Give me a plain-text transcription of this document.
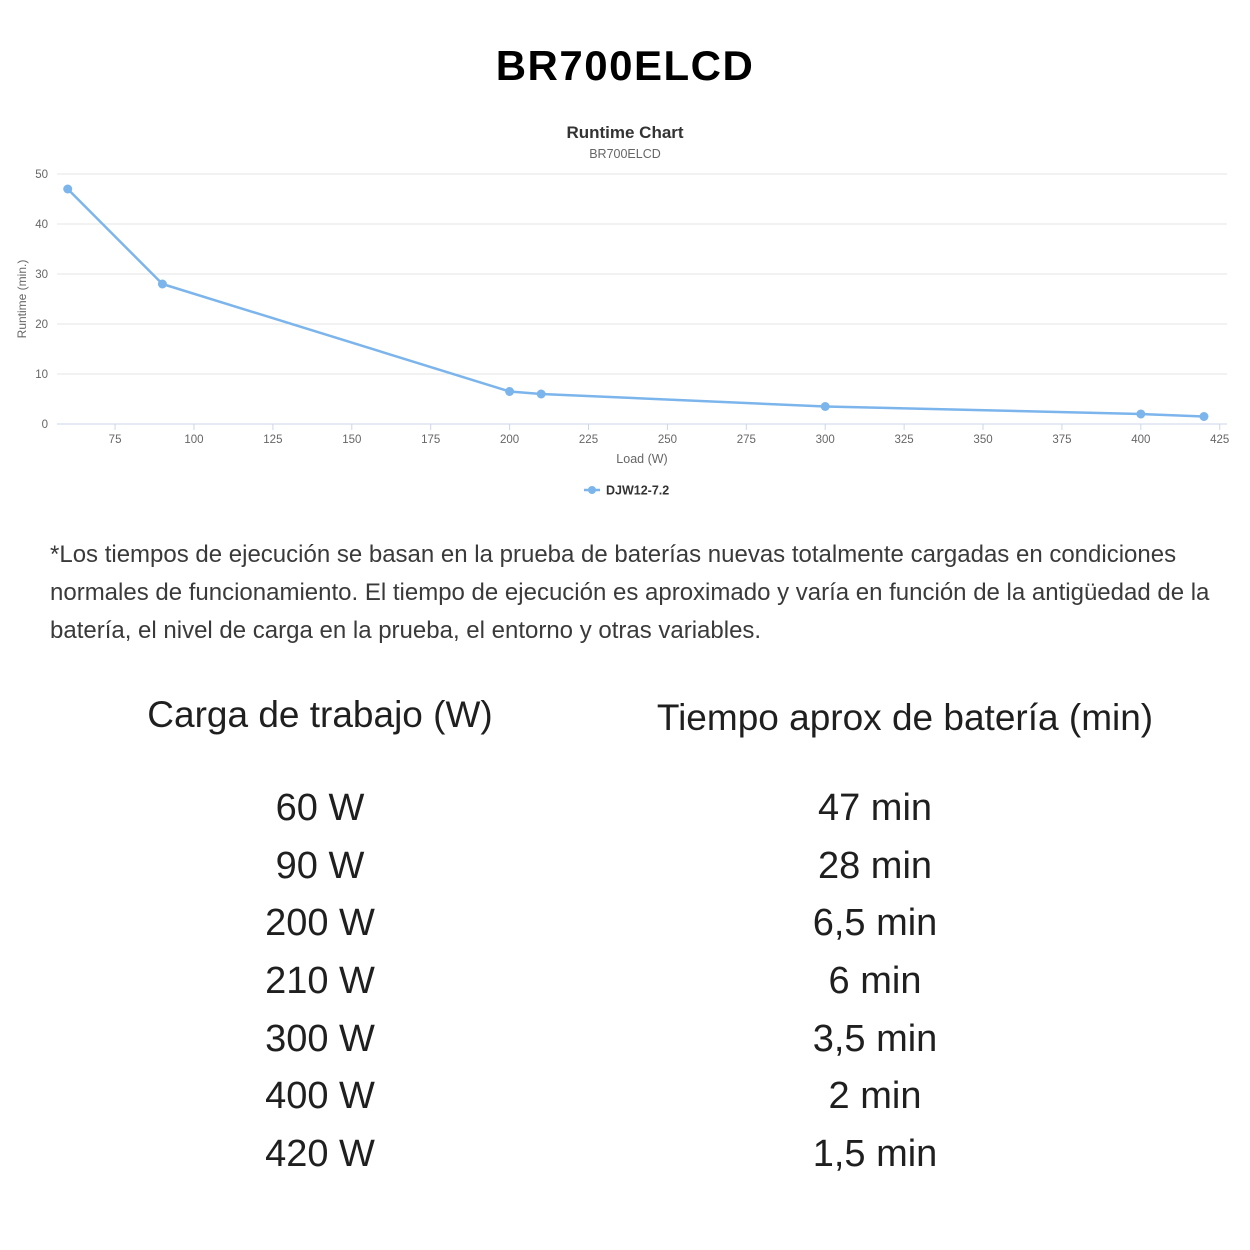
BR700ELCD
Runtime Chart
BR700ELCD
0
10
20
30
40
50
75	100	125	150	175	200	225	250	275	300	325	350	375	400	425
Runtime (min.)
Load (W)
DJW12-7.2
*Los tiempos de ejecución se basan en la prueba de baterías nuevas totalmente cargadas en condiciones normales de funcionamiento. El tiempo de ejecución es aproximado y varía en función de la antigüedad de la batería, el nivel de carga en la prueba, el entorno y otras variables.
Carga de trabajo (W)	Tiempo aprox de batería (min)
60 W	47 min
90 W	28 min
200 W	6,5 min
210 W	6 min
300 W	3,5 min
400 W	2 min
420 W	1,5 min
